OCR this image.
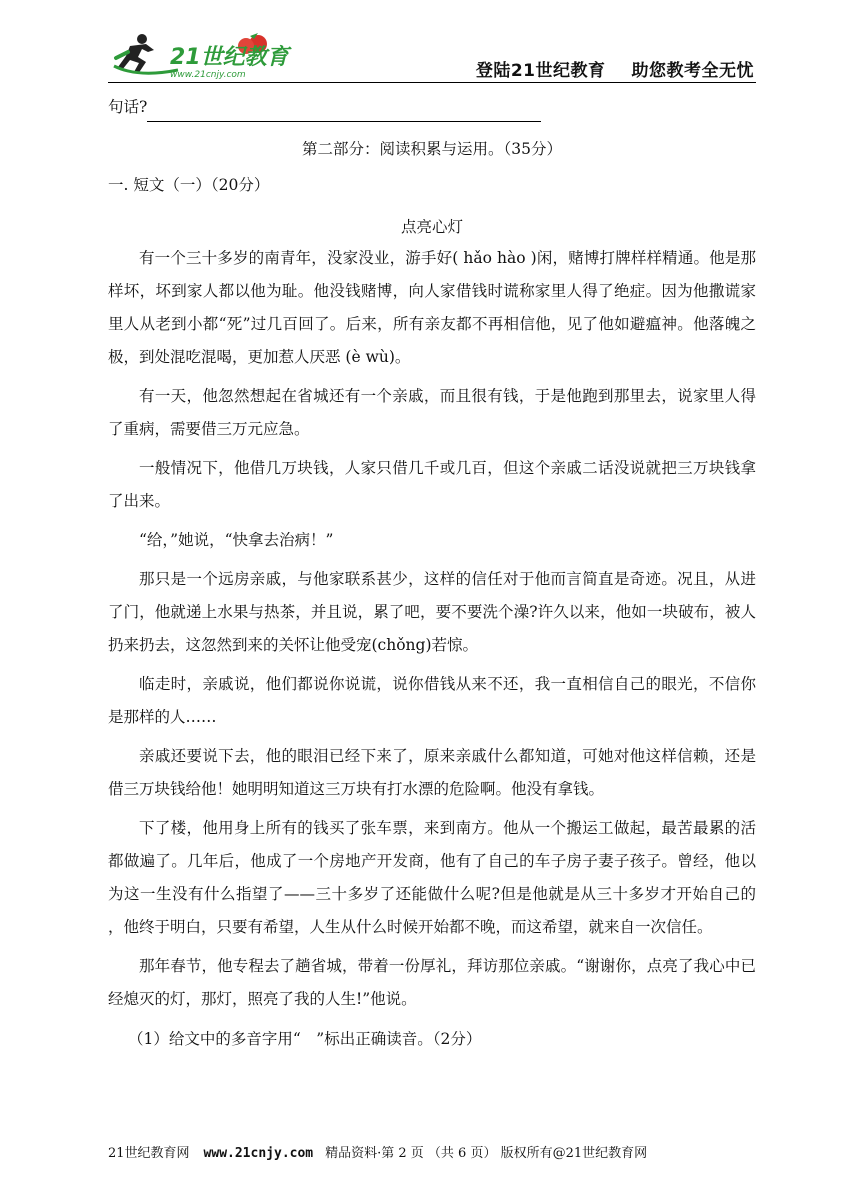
21世纪教育
www.21cnjy.com	登陆21世纪教育 助您教考全无忧
句话?
第二部分：阅读积累与运用。（35分）
一. 短文（一）（20分）
点亮心灯
有一个三十多岁的南青年，没家没业，游手好( hǎo hào )闲，赌博打牌样样精通。他是那样坏，坏到家人都以他为耻。他没钱赌博，向人家借钱时谎称家里人得了绝症。因为他撒谎家里人从老到小都“死”过几百回了。后来，所有亲友都不再相信他，见了他如避瘟神。他落魄之极，到处混吃混喝，更加惹人厌恶 (è wù)。
有一天，他忽然想起在省城还有一个亲戚，而且很有钱，于是他跑到那里去，说家里人得了重病，需要借三万元应急。
一般情况下，他借几万块钱，人家只借几千或几百，但这个亲戚二话没说就把三万块钱拿了出来。
“给，”她说，“快拿去治病！”
那只是一个远房亲戚，与他家联系甚少，这样的信任对于他而言简直是奇迹。况且，从进了门，他就递上水果与热茶，并且说，累了吧，要不要洗个澡?许久以来，他如一块破布，被人扔来扔去，这忽然到来的关怀让他受宠(chǒng)若惊。
临走时，亲戚说，他们都说你说谎，说你借钱从来不还，我一直相信自己的眼光，不信你是那样的人……
亲戚还要说下去，他的眼泪已经下来了，原来亲戚什么都知道，可她对他这样信赖，还是借三万块钱给他！她明明知道这三万块有打水漂的危险啊。他没有拿钱。
下了楼，他用身上所有的钱买了张车票，来到南方。他从一个搬运工做起，最苦最累的活都做遍了。几年后，他成了一个房地产开发商，他有了自己的车子房子妻子孩子。曾经，他以为这一生没有什么指望了——三十多岁了还能做什么呢?但是他就是从三十多岁才开始自己的 ，他终于明白，只要有希望，人生从什么时候开始都不晚，而这希望，就来自一次信任。
那年春节，他专程去了趟省城，带着一份厚礼，拜访那位亲戚。“谢谢你，点亮了我心中已经熄灭的灯，那灯，照亮了我的人生!”他说。
（1）给文中的多音字用“　”标出正确读音。（2分）
21世纪教育网 www.21cnjy.com 精品资料·第 2 页 （共 6 页） 版权所有@21世纪教育网
